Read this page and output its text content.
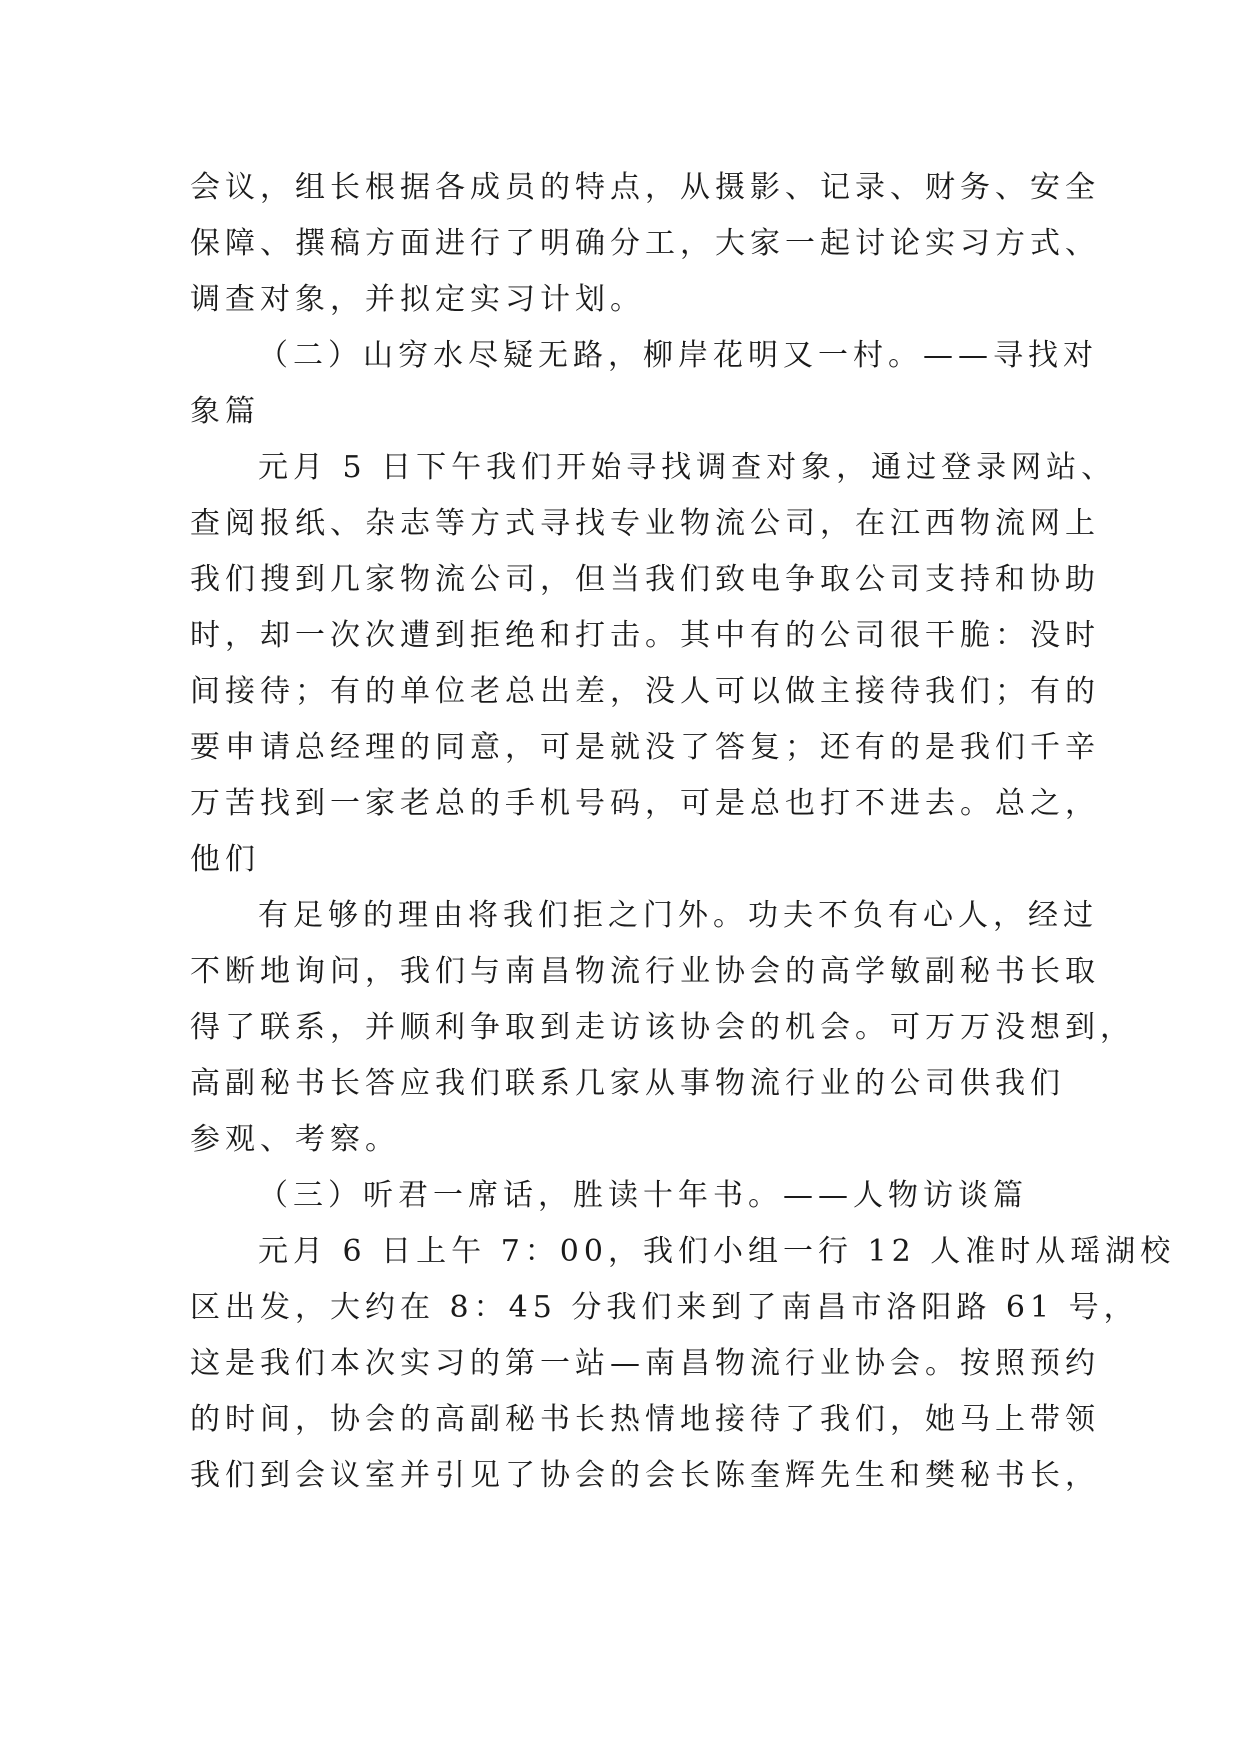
会议，组长根据各成员的特点，从摄影、记录、财务、安全
保障、撰稿方面进行了明确分工，大家一起讨论实习方式、
调查对象，并拟定实习计划。
（二）山穷水尽疑无路，柳岸花明又一村。——寻找对
象篇
元月 5 日下午我们开始寻找调查对象，通过登录网站、
查阅报纸、杂志等方式寻找专业物流公司，在江西物流网上
我们搜到几家物流公司，但当我们致电争取公司支持和协助
时，却一次次遭到拒绝和打击。其中有的公司很干脆：没时
间接待；有的单位老总出差，没人可以做主接待我们；有的
要申请总经理的同意，可是就没了答复；还有的是我们千辛
万苦找到一家老总的手机号码，可是总也打不进去。总之，
他们
有足够的理由将我们拒之门外。功夫不负有心人，经过
不断地询问，我们与南昌物流行业协会的高学敏副秘书长取
得了联系，并顺利争取到走访该协会的机会。可万万没想到，
高副秘书长答应我们联系几家从事物流行业的公司供我们
参观、考察。
（三）听君一席话，胜读十年书。——人物访谈篇
元月 6 日上午 7：00，我们小组一行 12 人准时从瑶湖校
区出发，大约在 8：45 分我们来到了南昌市洛阳路 61 号，
这是我们本次实习的第一站—南昌物流行业协会。按照预约
的时间，协会的高副秘书长热情地接待了我们，她马上带领
我们到会议室并引见了协会的会长陈奎辉先生和樊秘书长，
